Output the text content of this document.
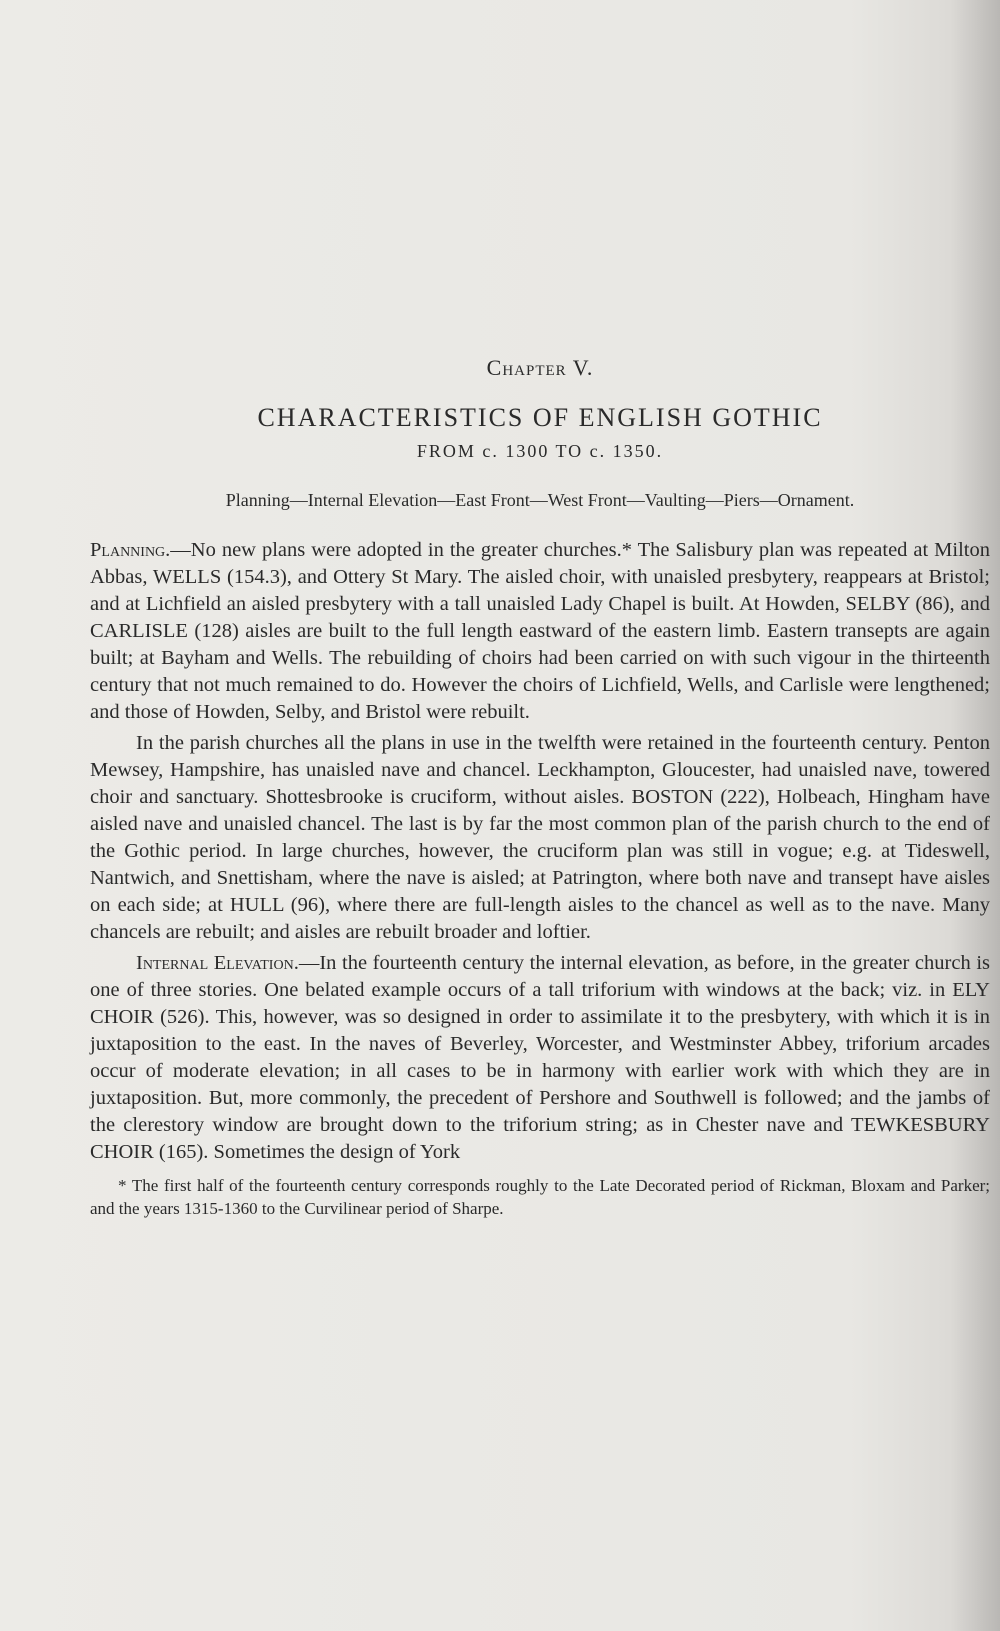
Chapter V.
CHARACTERISTICS OF ENGLISH GOTHIC
FROM c. 1300 TO c. 1350.
Planning—Internal Elevation—East Front—West Front—Vaulting—Piers—Ornament.

Planning.—No new plans were adopted in the greater churches.* The Salisbury plan was repeated at Milton Abbas, WELLS (154.3), and Ottery St Mary. The aisled choir, with unaisled presbytery, reappears at Bristol; and at Lichfield an aisled presbytery with a tall unaisled Lady Chapel is built. At Howden, SELBY (86), and CARLISLE (128) aisles are built to the full length eastward of the eastern limb. Eastern transepts are again built; at Bayham and Wells. The rebuilding of choirs had been carried on with such vigour in the thirteenth century that not much remained to do. However the choirs of Lichfield, Wells, and Carlisle were lengthened; and those of Howden, Selby, and Bristol were rebuilt.

In the parish churches all the plans in use in the twelfth were retained in the fourteenth century. Penton Mewsey, Hampshire, has unaisled nave and chancel. Leckhampton, Gloucester, had unaisled nave, towered choir and sanctuary. Shottesbrooke is cruciform, without aisles. BOSTON (222), Holbeach, Hingham have aisled nave and unaisled chancel. The last is by far the most common plan of the parish church to the end of the Gothic period. In large churches, however, the cruciform plan was still in vogue; e.g. at Tideswell, Nantwich, and Snettisham, where the nave is aisled; at Patrington, where both nave and transept have aisles on each side; at HULL (96), where there are full-length aisles to the chancel as well as to the nave. Many chancels are rebuilt; and aisles are rebuilt broader and loftier.

Internal Elevation.—In the fourteenth century the internal elevation, as before, in the greater church is one of three stories. One belated example occurs of a tall triforium with windows at the back; viz. in ELY CHOIR (526). This, however, was so designed in order to assimilate it to the presbytery, with which it is in juxtaposition to the east. In the naves of Beverley, Worcester, and Westminster Abbey, triforium arcades occur of moderate elevation; in all cases to be in harmony with earlier work with which they are in juxtaposition. But, more commonly, the precedent of Pershore and Southwell is followed; and the jambs of the clerestory window are brought down to the triforium string; as in Chester nave and TEWKESBURY CHOIR (165). Sometimes the design of York

* The first half of the fourteenth century corresponds roughly to the Late Decorated period of Rickman, Bloxam and Parker; and the years 1315-1360 to the Curvilinear period of Sharpe.
